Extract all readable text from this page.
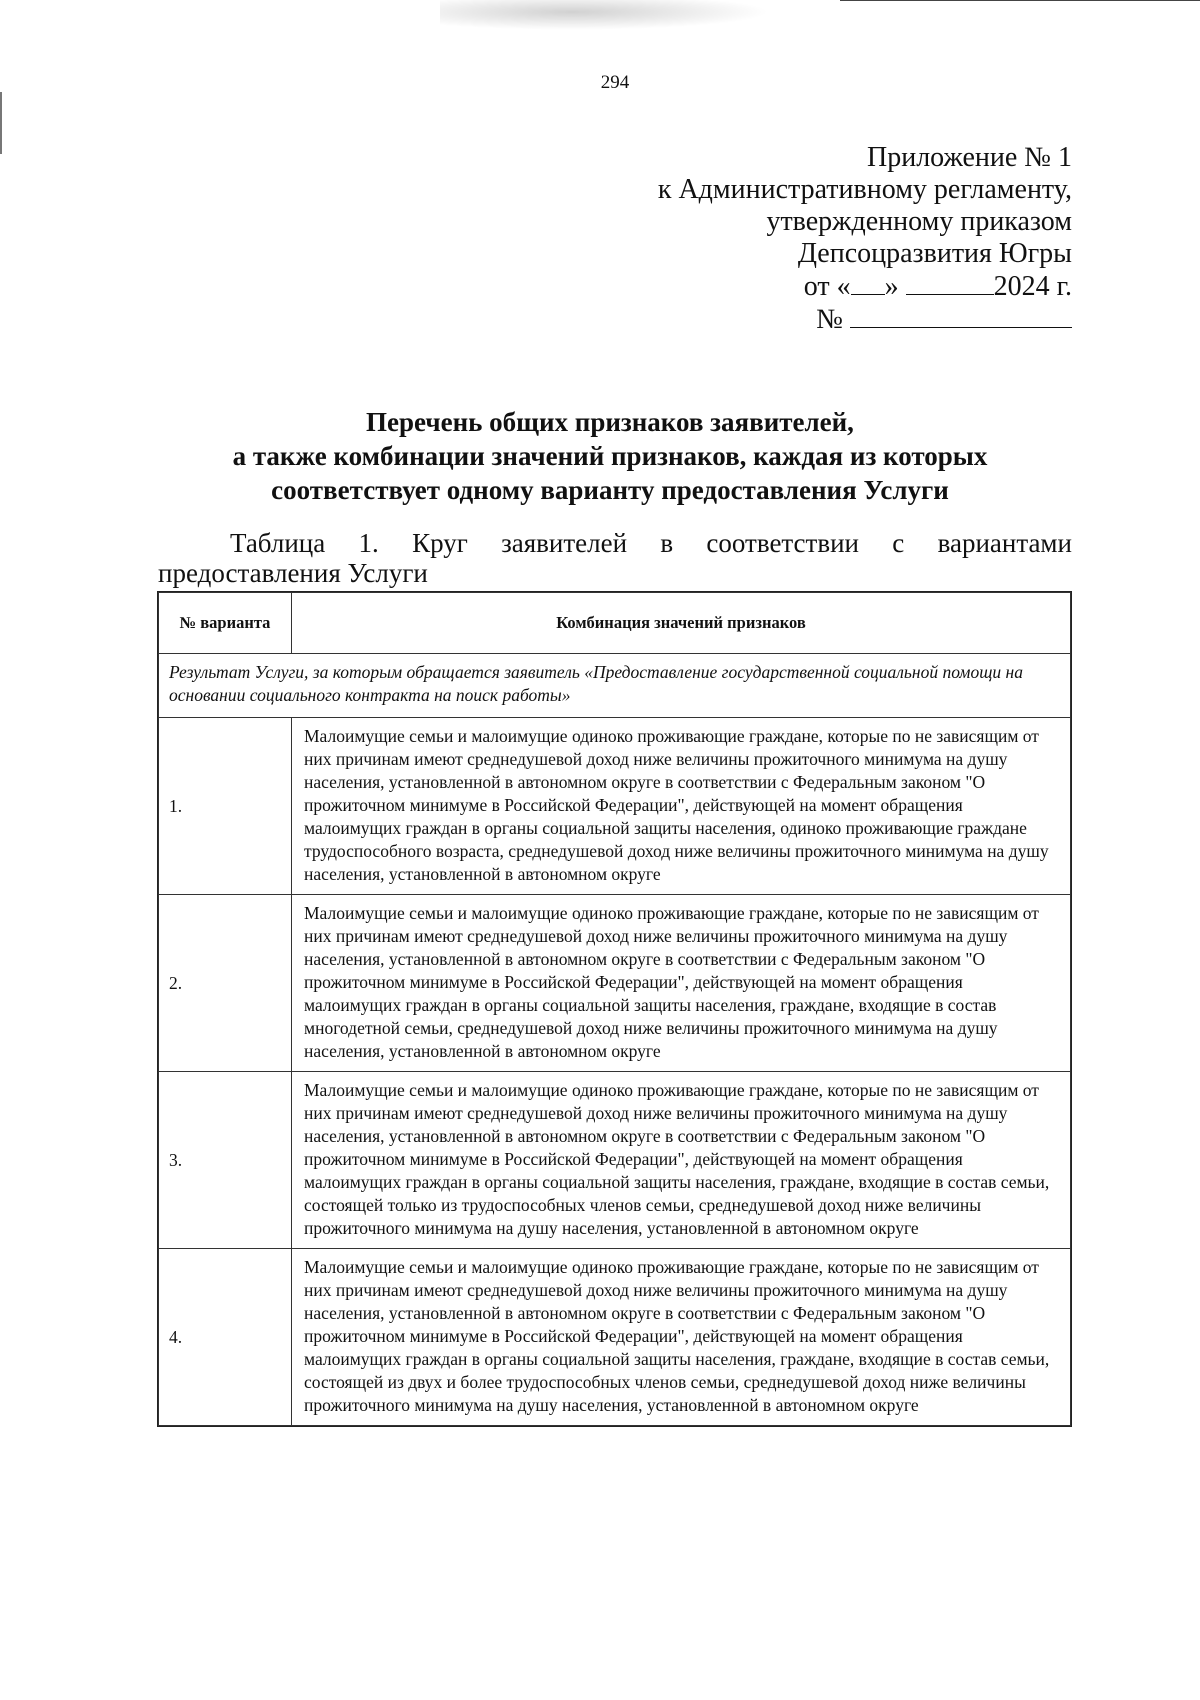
294
Приложение № 1
к Административному регламенту,
утвержденному приказом
Депсоцразвития Югры
от « »	2024 г.
№
Перечень общих признаков заявителей,
а также комбинации значений признаков, каждая из которых
соответствует одному варианту предоставления Услуги
Таблица 1. Круг заявителей в соответствии с вариантами
предоставления Услуги
№ варианта	Комбинация значений признаков
Результат Услуги, за которым обращается заявитель «Предоставление государственной социальной помощи на основании социального контракта на поиск работы»	
1.	Малоимущие семьи и малоимущие одиноко проживающие граждане, которые по не зависящим от них причинам имеют среднедушевой доход ниже величины прожиточного минимума на душу населения, установленной в автономном округе в соответствии с Федеральным законом "О прожиточном минимуме в Российской Федерации", действующей на момент обращения малоимущих граждан в органы социальной защиты населения, одиноко проживающие граждане трудоспособного возраста, среднедушевой доход ниже величины прожиточного минимума на душу населения, установленной в автономном округе
2.	Малоимущие семьи и малоимущие одиноко проживающие граждане, которые по не зависящим от них причинам имеют среднедушевой доход ниже величины прожиточного минимума на душу населения, установленной в автономном округе в соответствии с Федеральным законом "О прожиточном минимуме в Российской Федерации", действующей на момент обращения малоимущих граждан в органы социальной защиты населения, граждане, входящие в состав многодетной семьи, среднедушевой доход ниже величины прожиточного минимума на душу населения, установленной в автономном округе
3.	Малоимущие семьи и малоимущие одиноко проживающие граждане, которые по не зависящим от них причинам имеют среднедушевой доход ниже величины прожиточного минимума на душу населения, установленной в автономном округе в соответствии с Федеральным законом "О прожиточном минимуме в Российской Федерации", действующей на момент обращения малоимущих граждан в органы социальной защиты населения, граждане, входящие в состав семьи, состоящей только из трудоспособных членов семьи, среднедушевой доход ниже величины прожиточного минимума на душу населения, установленной в автономном округе
4.	Малоимущие семьи и малоимущие одиноко проживающие граждане, которые по не зависящим от них причинам имеют среднедушевой доход ниже величины прожиточного минимума на душу населения, установленной в автономном округе в соответствии с Федеральным законом "О прожиточном минимуме в Российской Федерации", действующей на момент обращения малоимущих граждан в органы социальной защиты населения, граждане, входящие в состав семьи, состоящей из двух и более трудоспособных членов семьи, среднедушевой доход ниже величины прожиточного минимума на душу населения, установленной в автономном округе
